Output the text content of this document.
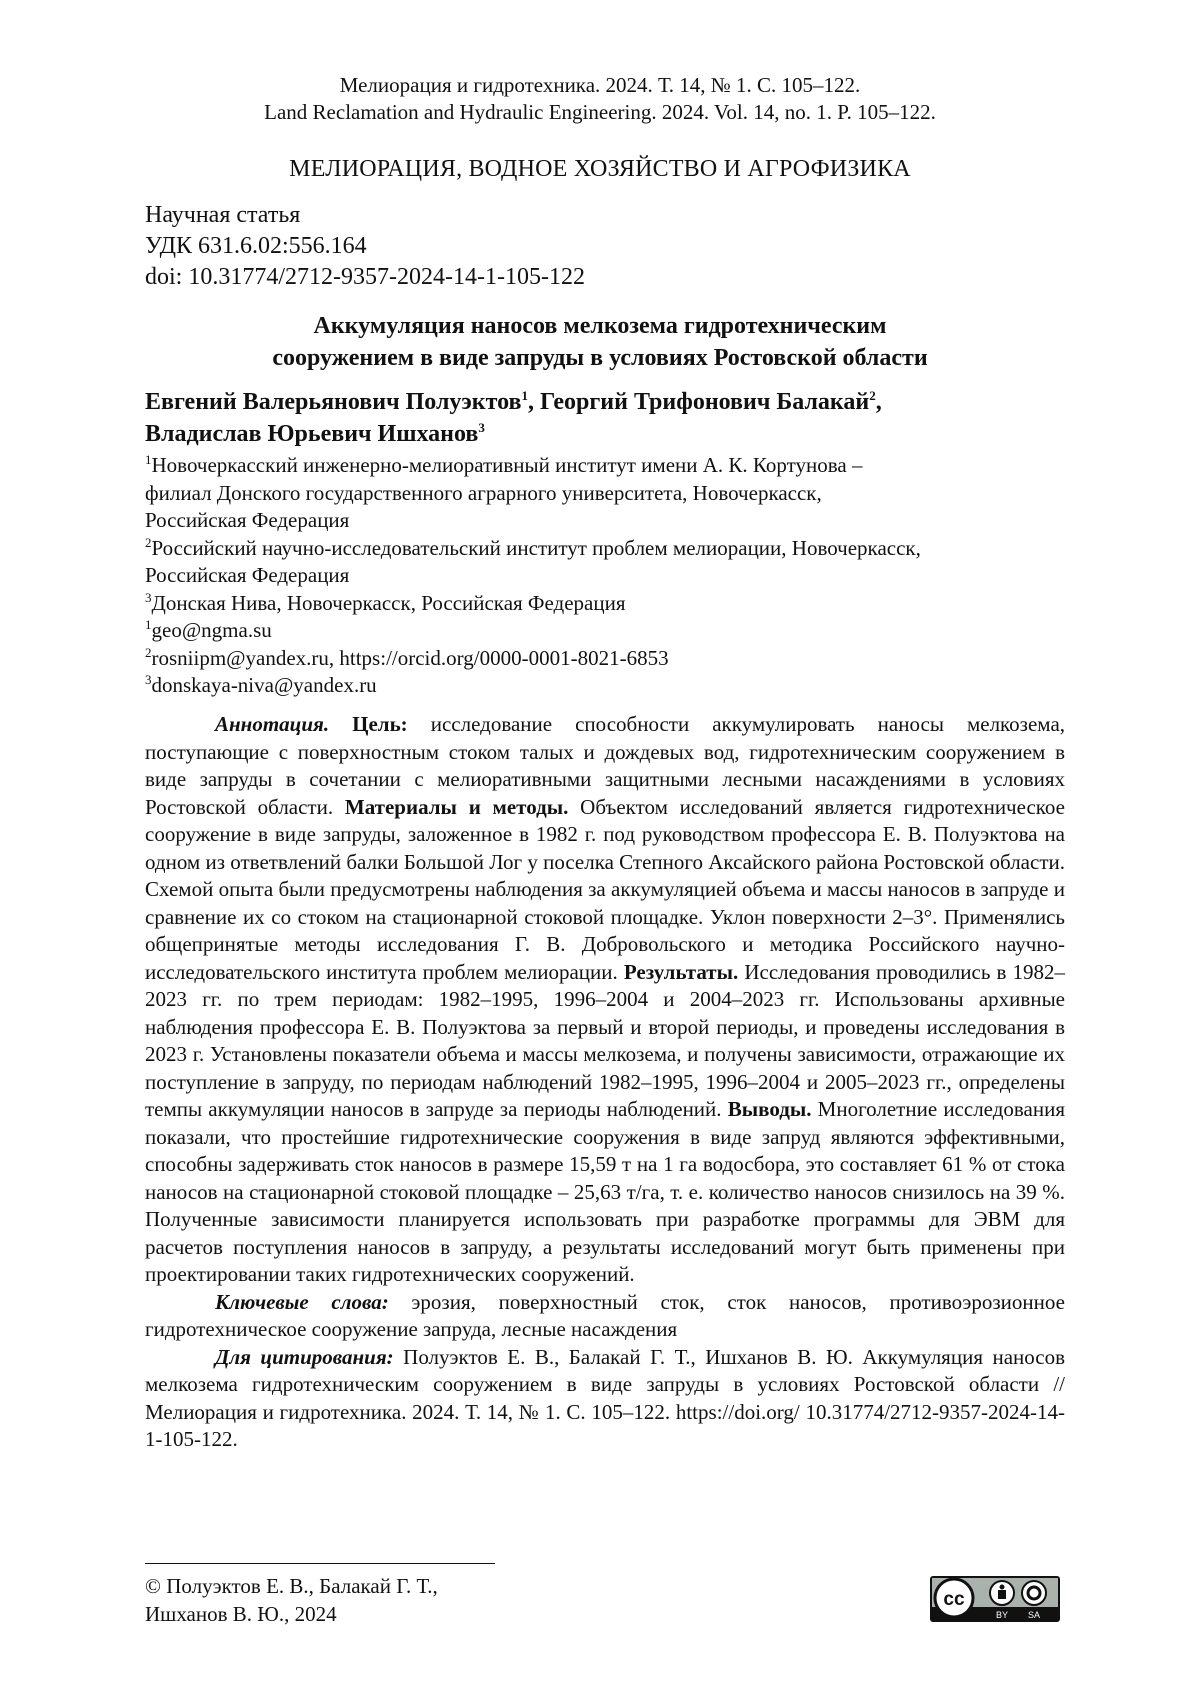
Мелиорация и гидротехника. 2024. Т. 14, № 1. С. 105–122.
Land Reclamation and Hydraulic Engineering. 2024. Vol. 14, no. 1. P. 105–122.
МЕЛИОРАЦИЯ, ВОДНОЕ ХОЗЯЙСТВО И АГРОФИЗИКА
Научная статья
УДК 631.6.02:556.164
doi: 10.31774/2712-9357-2024-14-1-105-122
Аккумуляция наносов мелкозема гидротехническим
сооружением в виде запруды в условиях Ростовской области
Евгений Валерьянович Полуэктов$^1$, Георгий Трифонович Балакай$^2$,
Владислав Юрьевич Ишханов$^3$
$^1$Новочеркасский инженерно-мелиоративный институт имени А. К. Кортунова –
филиал Донского государственного аграрного университета, Новочеркасск,
Российская Федерация
$^2$Российский научно-исследовательский институт проблем мелиорации, Новочеркасск,
Российская Федерация
$^3$Донская Нива, Новочеркасск, Российская Федерация
$^1$geo@ngma.su
$^2$rosniipm@yandex.ru, https://orcid.org/0000-0001-8021-6853
$^3$donskaya-niva@yandex.ru

Аннотация. Цель: исследование способности аккумулировать наносы мелкозема, поступающие с поверхностным стоком талых и дождевых вод, гидротехническим сооружением в виде запруды в сочетании с мелиоративными защитными лесными насаждениями в условиях Ростовской области. Материалы и методы. Объектом исследований является гидротехническое сооружение в виде запруды, заложенное в 1982 г. под руководством профессора Е. В. Полуэктова на одном из ответвлений балки Большой Лог у поселка Степного Аксайского района Ростовской области. Схемой опыта были предусмотрены наблюдения за аккумуляцией объема и массы наносов в запруде и сравнение их со стоком на стационарной стоковой площадке. Уклон поверхности 2–3°. Применялись общепринятые методы исследования Г. В. Добровольского и методика Российского научно-исследовательского института проблем мелиорации. Результаты. Исследования проводились в 1982–2023 гг. по трем периодам: 1982–1995, 1996–2004 и 2004–2023 гг. Использованы архивные наблюдения профессора Е. В. Полуэктова за первый и второй периоды, и проведены исследования в 2023 г. Установлены показатели объема и массы мелкозема, и получены зависимости, отражающие их поступление в запруду, по периодам наблюдений 1982–1995, 1996–2004 и 2005–2023 гг., определены темпы аккумуляции наносов в запруде за периоды наблюдений. Выводы. Многолетние исследования показали, что простейшие гидротехнические сооружения в виде запруд являются эффективными, способны задерживать сток наносов в размере 15,59 т на 1 га водосбора, это составляет 61 % от стока наносов на стационарной стоковой площадке – 25,63 т/га, т. е. количество наносов снизилось на 39 %. Полученные зависимости планируется использовать при разработке программы для ЭВМ для расчетов поступления наносов в запруду, а результаты исследований могут быть применены при проектировании таких гидротехнических сооружений.

Ключевые слова: эрозия, поверхностный сток, сток наносов, противоэрозионное гидротехническое сооружение запруда, лесные насаждения

Для цитирования: Полуэктов Е. В., Балакай Г. Т., Ишханов В. Ю. Аккумуляция наносов мелкозема гидротехническим сооружением в виде запруды в условиях Ростовской области // Мелиорация и гидротехника. 2024. Т. 14, № 1. С. 105–122. https://doi.org/ 10.31774/2712-9357-2024-14-1-105-122.

© Полуэктов Е. В., Балакай Г. Т.,
Ишханов В. Ю., 2024
cc
BY SA
